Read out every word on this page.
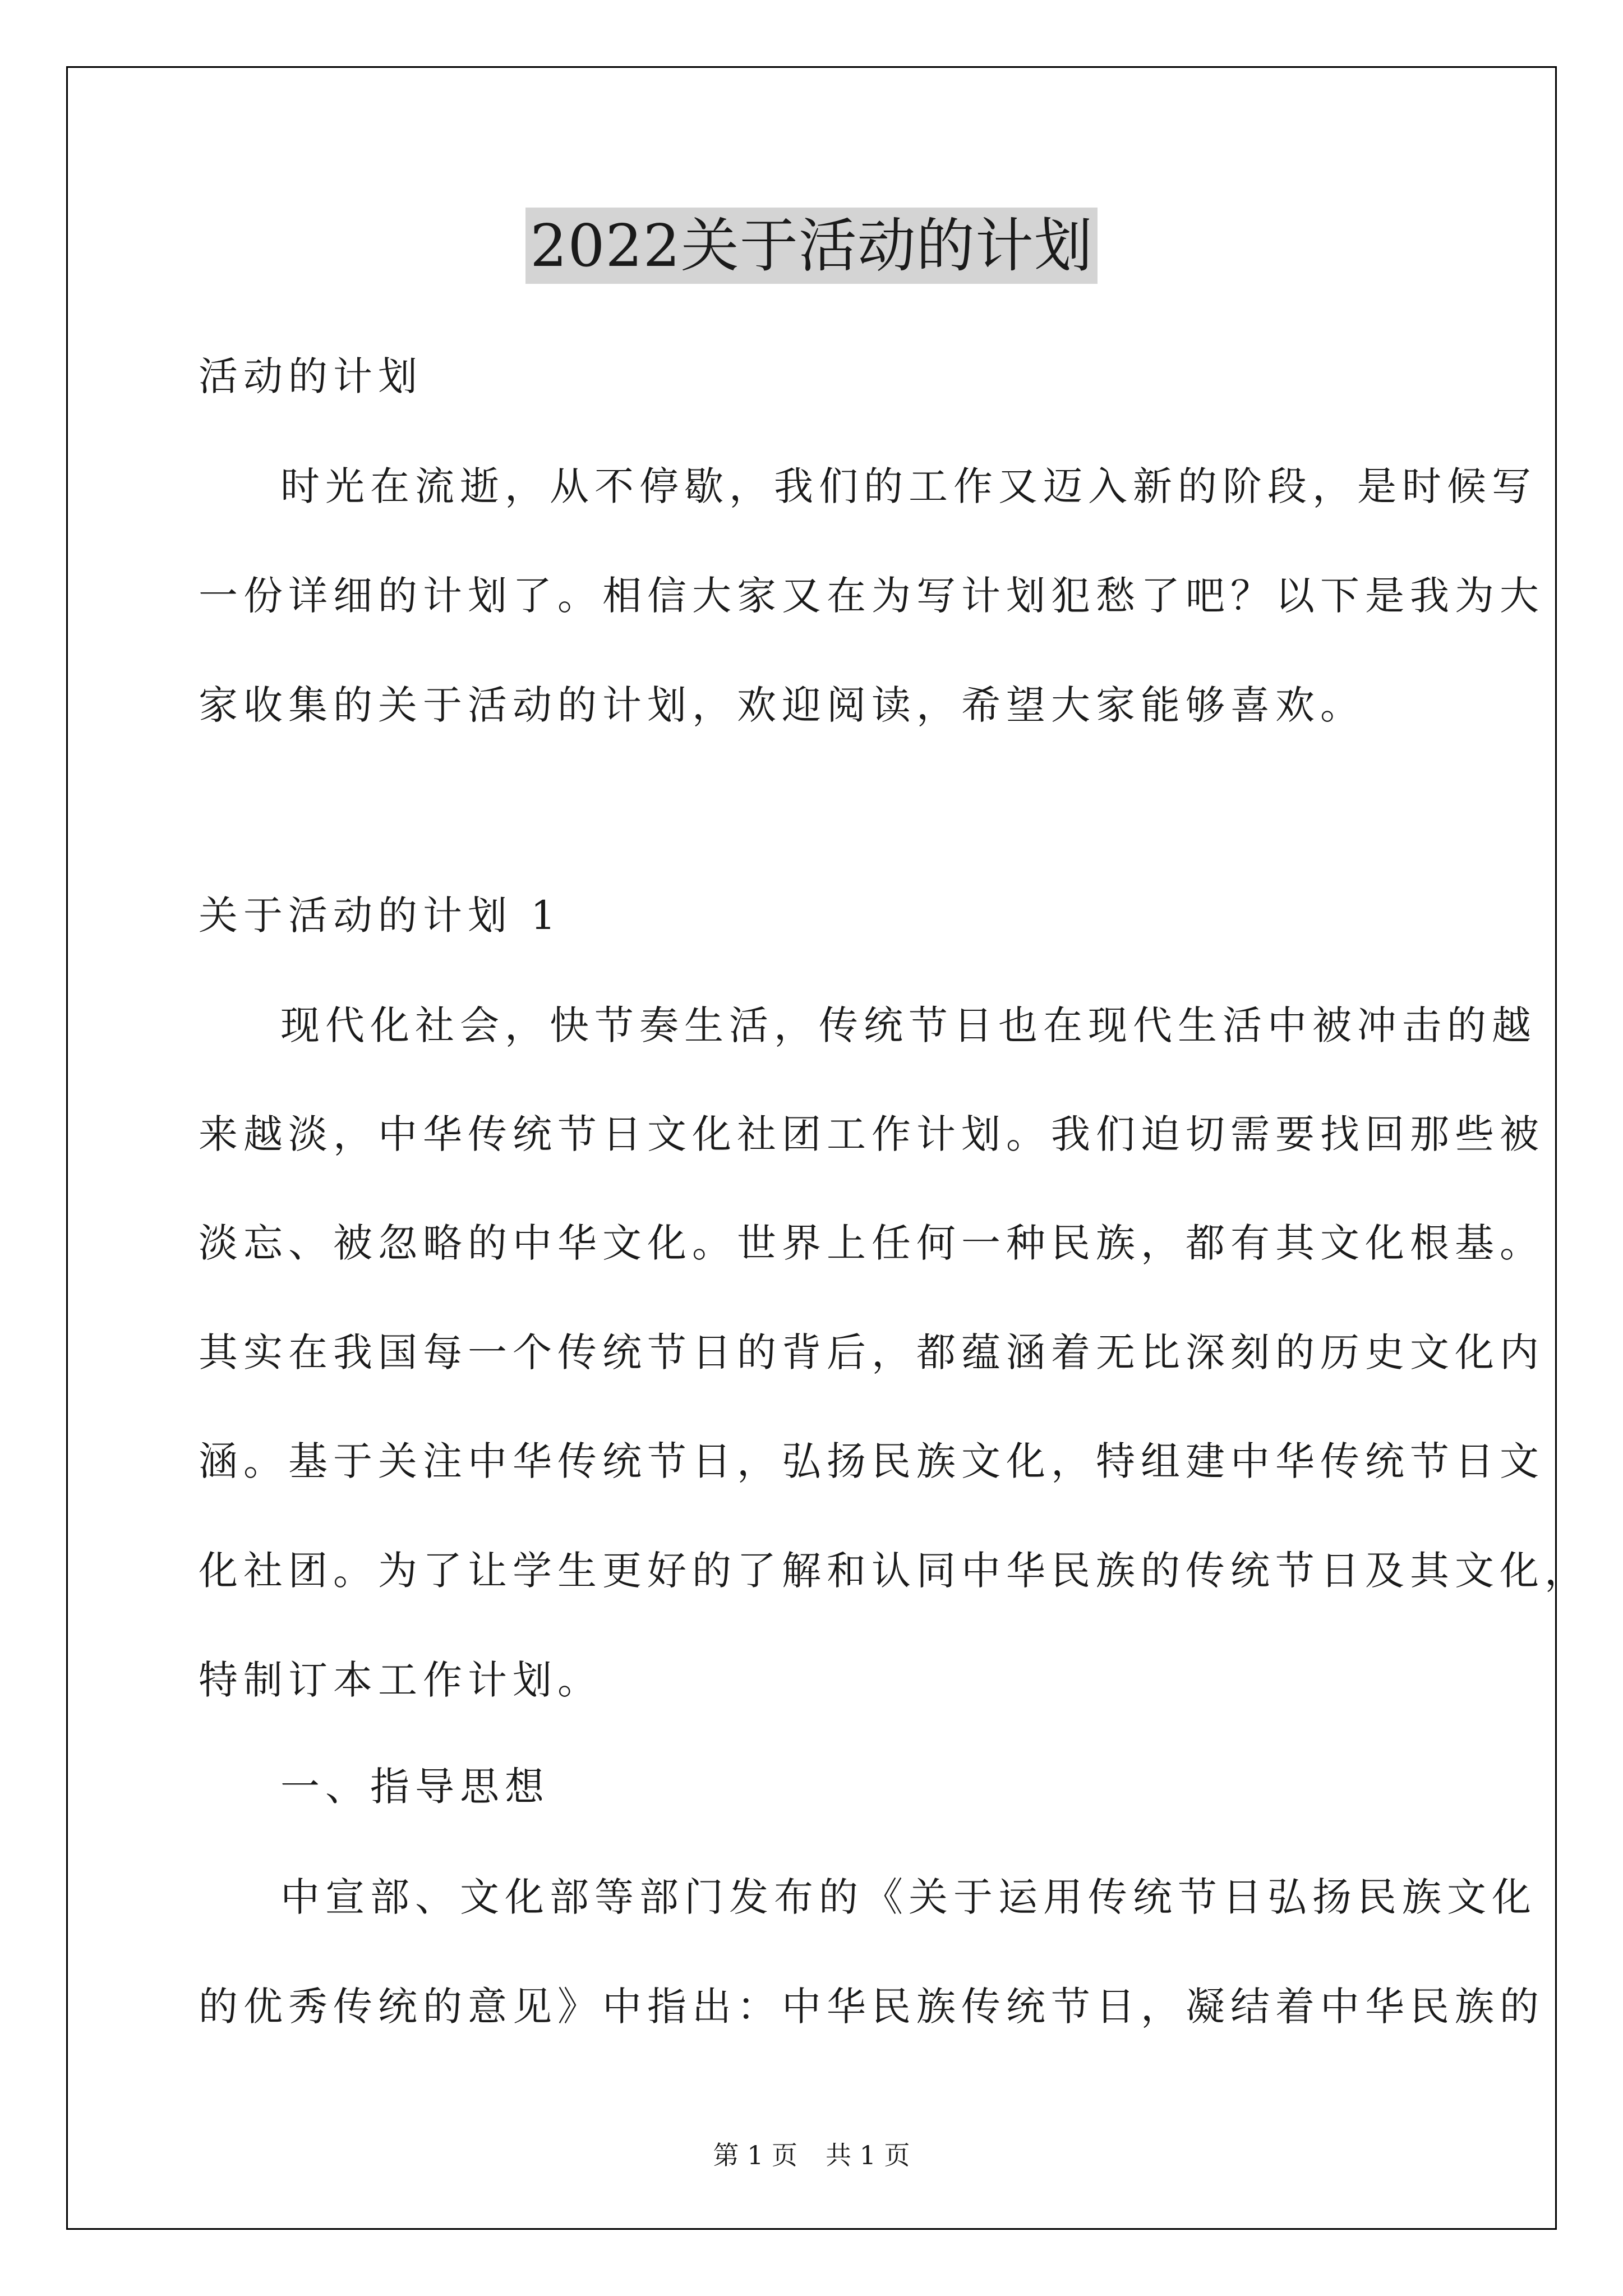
2022关于活动的计划
活动的计划
时光在流逝，从不停歇，我们的工作又迈入新的阶段，是时候写
一份详细的计划了。相信大家又在为写计划犯愁了吧？以下是我为大
家收集的关于活动的计划，欢迎阅读，希望大家能够喜欢。
关于活动的计划 1
现代化社会，快节奏生活，传统节日也在现代生活中被冲击的越
来越淡，中华传统节日文化社团工作计划。我们迫切需要找回那些被
淡忘、被忽略的中华文化。世界上任何一种民族，都有其文化根基。
其实在我国每一个传统节日的背后，都蕴涵着无比深刻的历史文化内
涵。基于关注中华传统节日，弘扬民族文化，特组建中华传统节日文
化社团。为了让学生更好的了解和认同中华民族的传统节日及其文化，
特制订本工作计划。
一、指导思想
中宣部、文化部等部门发布的《关于运用传统节日弘扬民族文化
的优秀传统的意见》中指出：中华民族传统节日，凝结着中华民族的
第 1 页 共 1 页
